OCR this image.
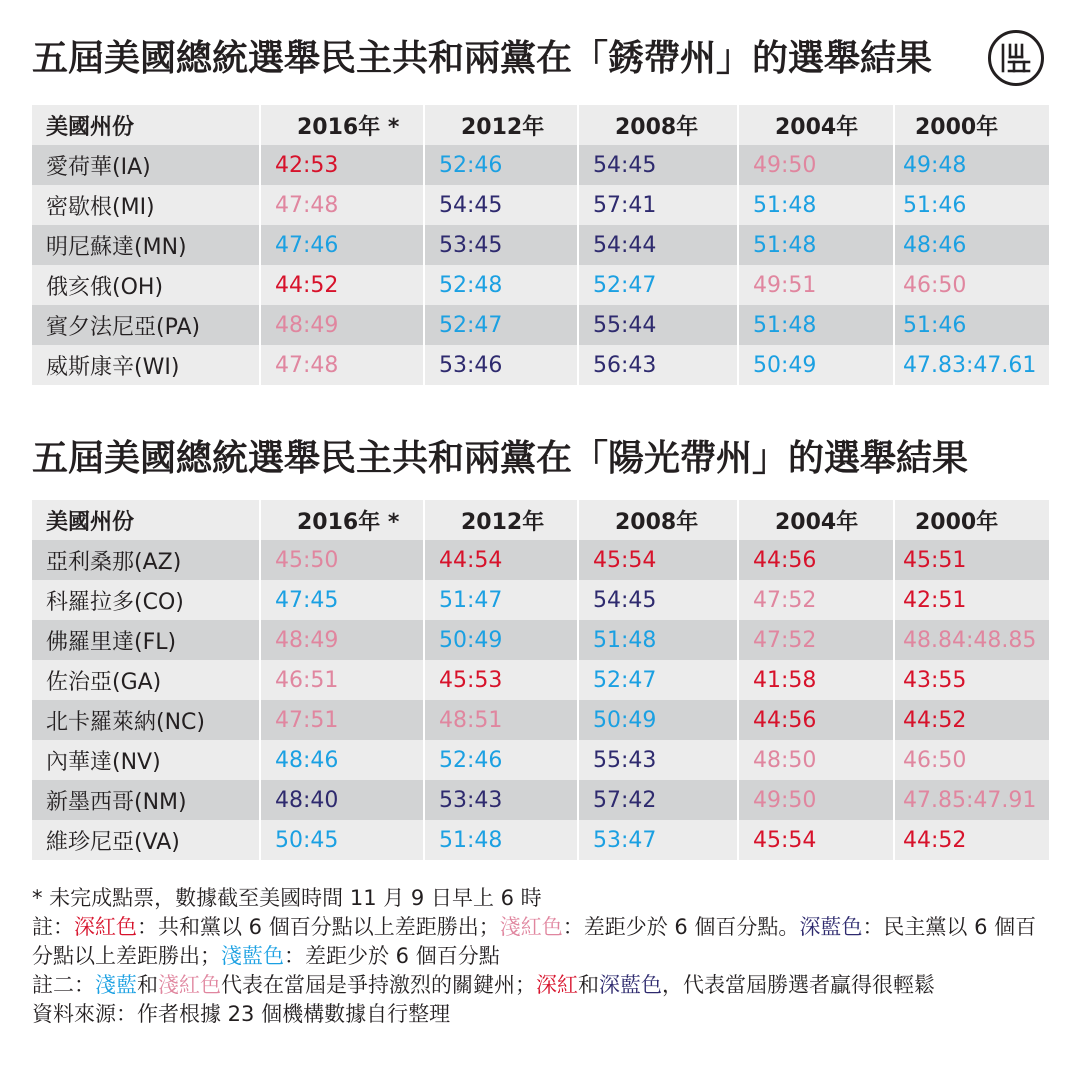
五屆美國總統選舉民主共和兩黨在「銹帶州」的選舉結果
美國州份	2016年 *	2012年	2008年	2004年	2000年
愛荷華(IA)	42:53	52:46	54:45	49:50	49:48
密歇根(MI)	47:48	54:45	57:41	51:48	51:46
明尼蘇達(MN)	47:46	53:45	54:44	51:48	48:46
俄亥俄(OH)	44:52	52:48	52:47	49:51	46:50
賓夕法尼亞(PA)	48:49	52:47	55:44	51:48	51:46
威斯康辛(WI)	47:48	53:46	56:43	50:49	47.83:47.61
五屆美國總統選舉民主共和兩黨在「陽光帶州」的選舉結果
美國州份	2016年 *	2012年	2008年	2004年	2000年
亞利桑那(AZ)	45:50	44:54	45:54	44:56	45:51
科羅拉多(CO)	47:45	51:47	54:45	47:52	42:51
佛羅里達(FL)	48:49	50:49	51:48	47:52	48.84:48.85
佐治亞(GA)	46:51	45:53	52:47	41:58	43:55
北卡羅萊納(NC)	47:51	48:51	50:49	44:56	44:52
內華達(NV)	48:46	52:46	55:43	48:50	46:50
新墨西哥(NM)	48:40	53:43	57:42	49:50	47.85:47.91
維珍尼亞(VA)	50:45	51:48	53:47	45:54	44:52

* 未完成點票，數據截至美國時間 11 月 9 日早上 6 時

註：深紅色：共和黨以 6 個百分點以上差距勝出；淺紅色：差距少於 6 個百分點。深藍色：民主黨以 6 個百分點以上差距勝出；淺藍色：差距少於 6 個百分點

註二：淺藍和淺紅色代表在當屆是爭持激烈的關鍵州；深紅和深藍色，代表當屆勝選者贏得很輕鬆

資料來源：作者根據 23 個機構數據自行整理
